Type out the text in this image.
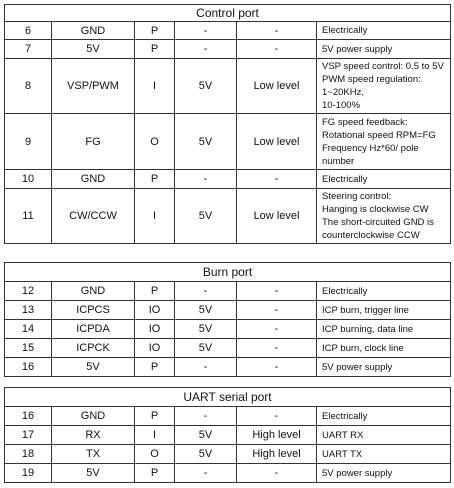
Control port					
6	GND	P	-	-	Electrically

7	5V	P	-	-	5V power supply

8	VSP/PWM	I	5V	Low level	VSP speed control: 0.5 to 5V
PWM speed regulation: 1~20KHz,
10-100%

9	FG	O	5V	Low level	FG speed feedback:
Rotational speed RPM=FG
Frequency Hz*60/ pole number

10	GND	P	-	-	Electrically

11	CW/CCW	I	5V	Low level	Steering control:
Hanging is clockwise CW
The short-circuited GND is
counterclockwise CCW
Burn port					
12	GND	P	-	-	Electrically

13	ICPCS	IO	5V	-	ICP burn, trigger line

14	ICPDA	IO	5V	-	ICP burning, data line

15	ICPCK	IO	5V	-	ICP burn, clock line

16	5V	P	-	-	5V power supply
UART serial port					
16	GND	P	-	-	Electrically

17	RX	I	5V	High level	UART RX

18	TX	O	5V	High level	UART TX

19	5V	P	-	-	5V power supply
